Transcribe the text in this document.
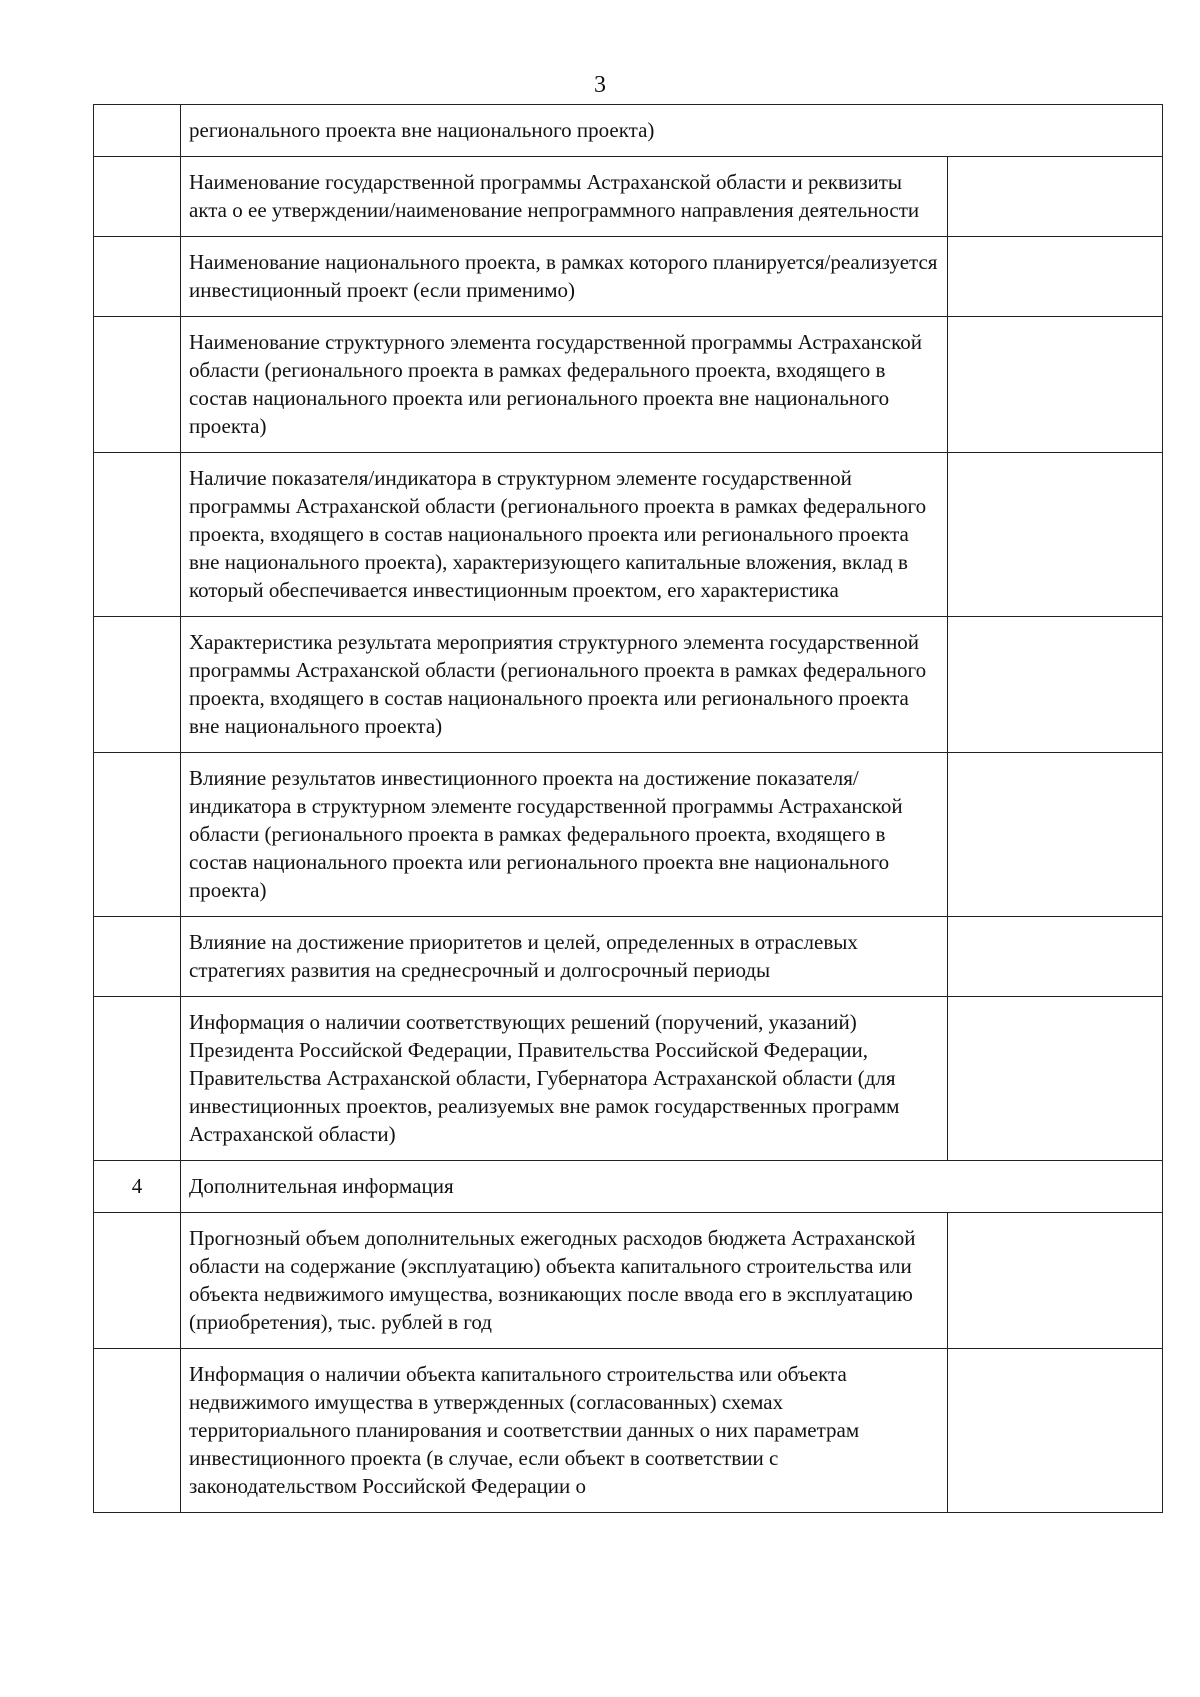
3
	регионального проекта вне национального проекта)	
	Наименование государственной программы Астраханской области и реквизиты акта о ее утверждении/наименование непрограммного направления деятельности	
	Наименование национального проекта, в рамках которого планируется/реализуется инвестиционный проект (если применимо)	
	Наименование структурного элемента государственной программы Астраханской области (регионального проекта в рамках федерального проекта, входящего в состав национального проекта или регионального проекта вне национального проекта)	
	Наличие показателя/индикатора в структурном элементе государственной программы Астраханской области (регионального проекта в рамках федерального проекта, входящего в состав национального проекта или регионального проекта вне национального проекта), характеризующего капитальные вложения, вклад в который обеспечивается инвестиционным проектом, его характеристика	
	Характеристика результата мероприятия структурного элемента государственной программы Астраханской области (регионального проекта в рамках федерального проекта, входящего в состав национального проекта или регионального проекта вне национального проекта)	
	Влияние результатов инвестиционного проекта на достижение показателя/индикатора в структурном элементе государственной программы Астраханской области (регионального проекта в рамках федерального проекта, входящего в состав национального проекта или регионального проекта вне национального проекта)	
	Влияние на достижение приоритетов и целей, определенных в отраслевых стратегиях развития на среднесрочный и долгосрочный периоды	
	Информация о наличии соответствующих решений (поручений, указаний) Президента Российской Федерации, Правительства Российской Федерации, Правительства Астраханской области, Губернатора Астраханской области (для инвестиционных проектов, реализуемых вне рамок государственных программ Астраханской области)	
4	Дополнительная информация	
	Прогнозный объем дополнительных ежегодных расходов бюджета Астраханской области на содержание (эксплуатацию) объекта капитального строительства или объекта недвижимого имущества, возникающих после ввода его в эксплуатацию (приобретения), тыс. рублей в год	
	Информация о наличии объекта капитального строительства или объекта недвижимого имущества в утвержденных (согласованных) схемах территориального планирования и соответствии данных о них параметрам инвестиционного проекта (в случае, если объект в соответствии с законодательством Российской Федерации о	
